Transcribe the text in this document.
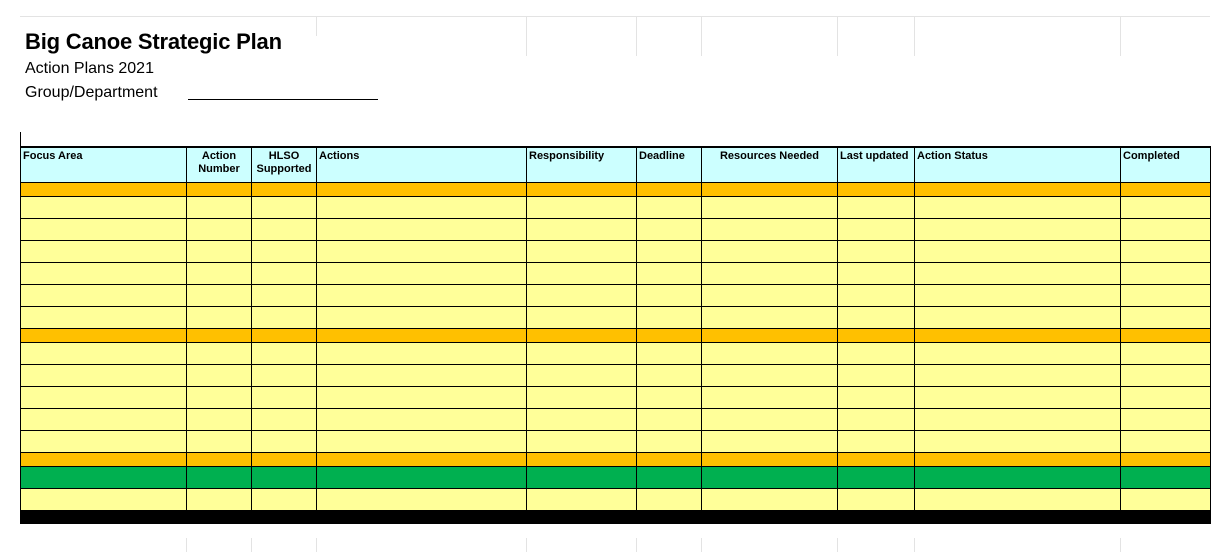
Big Canoe Strategic Plan
Action Plans 2021
Group/Department
Focus Area	Action Number	HLSO Supported	Actions	Responsibility	Deadline	Resources Needed	Last updated	Action Status	Completed
